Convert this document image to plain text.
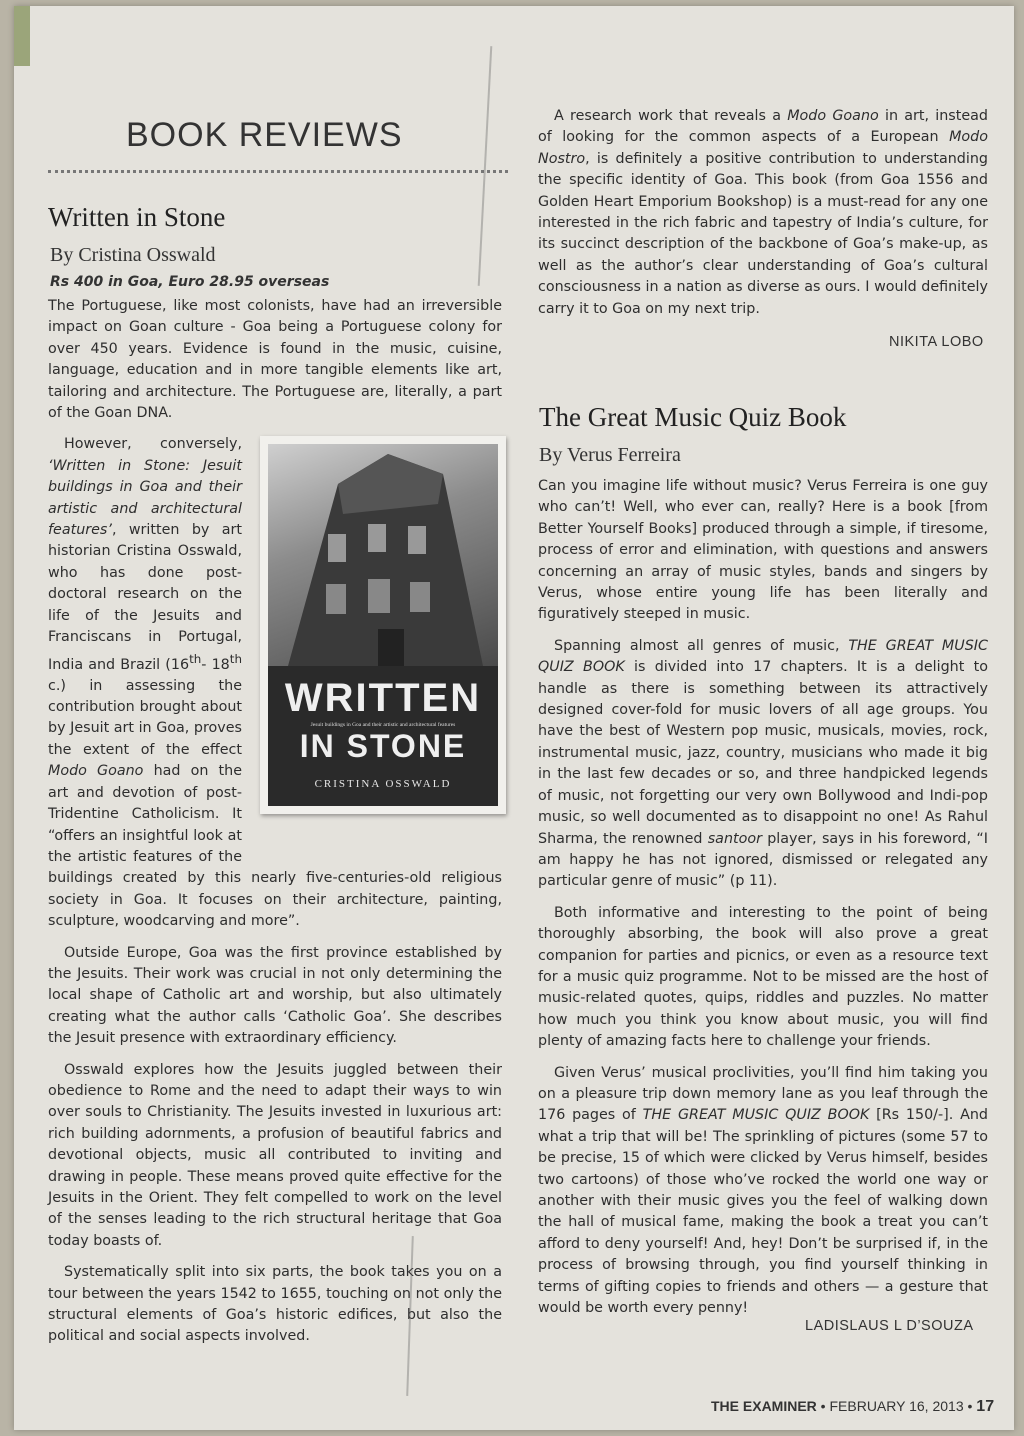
BOOK REVIEWS
Written in Stone
By Cristina Osswald
Rs 400 in Goa, Euro 28.95 overseas

The Portuguese, like most colonists, have had an irreversible impact on Goan culture - Goa being a Portuguese colony for over 450 years. Evidence is found in the music, cuisine, language, education and in more tangible elements like art, tailoring and architecture. The Portuguese are, literally, a part of the Goan DNA.

However, conversely, ‘Written in Stone: Jesuit buildings in Goa and their artistic and architectural features’, written by art historian Cristina Osswald, who has done post-doctoral research on the life of the Jesuits and Franciscans in Portugal, India and Brazil (16th- 18th c.) in assessing the contribution brought about by Jesuit art in Goa, proves the extent of the effect Modo Goano had on the art and devotion of post-Tridentine Catholicism. It “offers an insightful look at the artistic features of the buildings created by this nearly five-centuries-old religious society in Goa. It focuses on their architecture, painting, sculpture, woodcarving and more”.

Outside Europe, Goa was the first province established by the Jesuits. Their work was crucial in not only determining the local shape of Catholic art and worship, but also ultimately creating what the author calls ‘Catholic Goa’. She describes the Jesuit presence with extraordinary efficiency.

Osswald explores how the Jesuits juggled between their obedience to Rome and the need to adapt their ways to win over souls to Christianity. The Jesuits invested in luxurious art: rich building adornments, a profusion of beautiful fabrics and devotional objects, music all contributed to inviting and drawing in people. These means proved quite effective for the Jesuits in the Orient. They felt compelled to work on the level of the senses leading to the rich structural heritage that Goa today boasts of.

Systematically split into six parts, the book takes you on a tour between the years 1542 to 1655, touching on not only the structural elements of Goa’s historic edifices, but also the political and social aspects involved.

WRITTEN
Jesuit buildings in Goa and their artistic and architectural features
IN STONE
CRISTINA OSSWALD

A research work that reveals a Modo Goano in art, instead of looking for the common aspects of a European Modo Nostro, is definitely a positive contribution to understanding the specific identity of Goa. This book (from Goa 1556 and Golden Heart Emporium Bookshop) is a must-read for any one interested in the rich fabric and tapestry of India’s culture, for its succinct description of the backbone of Goa’s make-up, as well as the author’s clear understanding of Goa’s cultural consciousness in a nation as diverse as ours. I would definitely carry it to Goa on my next trip.

NIKITA LOBO
The Great Music Quiz Book
By Verus Ferreira

Can you imagine life without music? Verus Ferreira is one guy who can’t! Well, who ever can, really? Here is a book [from Better Yourself Books] produced through a simple, if tiresome, process of error and elimination, with questions and answers concerning an array of music styles, bands and singers by Verus, whose entire young life has been literally and figuratively steeped in music.

Spanning almost all genres of music, THE GREAT MUSIC QUIZ BOOK is divided into 17 chapters. It is a delight to handle as there is something between its attractively designed cover-fold for music lovers of all age groups. You have the best of Western pop music, musicals, movies, rock, instrumental music, jazz, country, musicians who made it big in the last few decades or so, and three handpicked legends of music, not forgetting our very own Bollywood and Indi-pop music, so well documented as to disappoint no one! As Rahul Sharma, the renowned santoor player, says in his foreword, “I am happy he has not ignored, dismissed or relegated any particular genre of music” (p 11).

Both informative and interesting to the point of being thoroughly absorbing, the book will also prove a great companion for parties and picnics, or even as a resource text for a music quiz programme. Not to be missed are the host of music-related quotes, quips, riddles and puzzles. No matter how much you think you know about music, you will find plenty of amazing facts here to challenge your friends.

Given Verus’ musical proclivities, you’ll find him taking you on a pleasure trip down memory lane as you leaf through the 176 pages of THE GREAT MUSIC QUIZ BOOK [Rs 150/-]. And what a trip that will be! The sprinkling of pictures (some 57 to be precise, 15 of which were clicked by Verus himself, besides two cartoons) of those who’ve rocked the world one way or another with their music gives you the feel of walking down the hall of musical fame, making the book a treat you can’t afford to deny yourself! And, hey! Don’t be surprised if, in the process of browsing through, you find yourself thinking in terms of gifting copies to friends and others — a gesture that would be worth every penny!

LADISLAUS L D’SOUZA
THE EXAMINER • FEBRUARY 16, 2013 • 17
